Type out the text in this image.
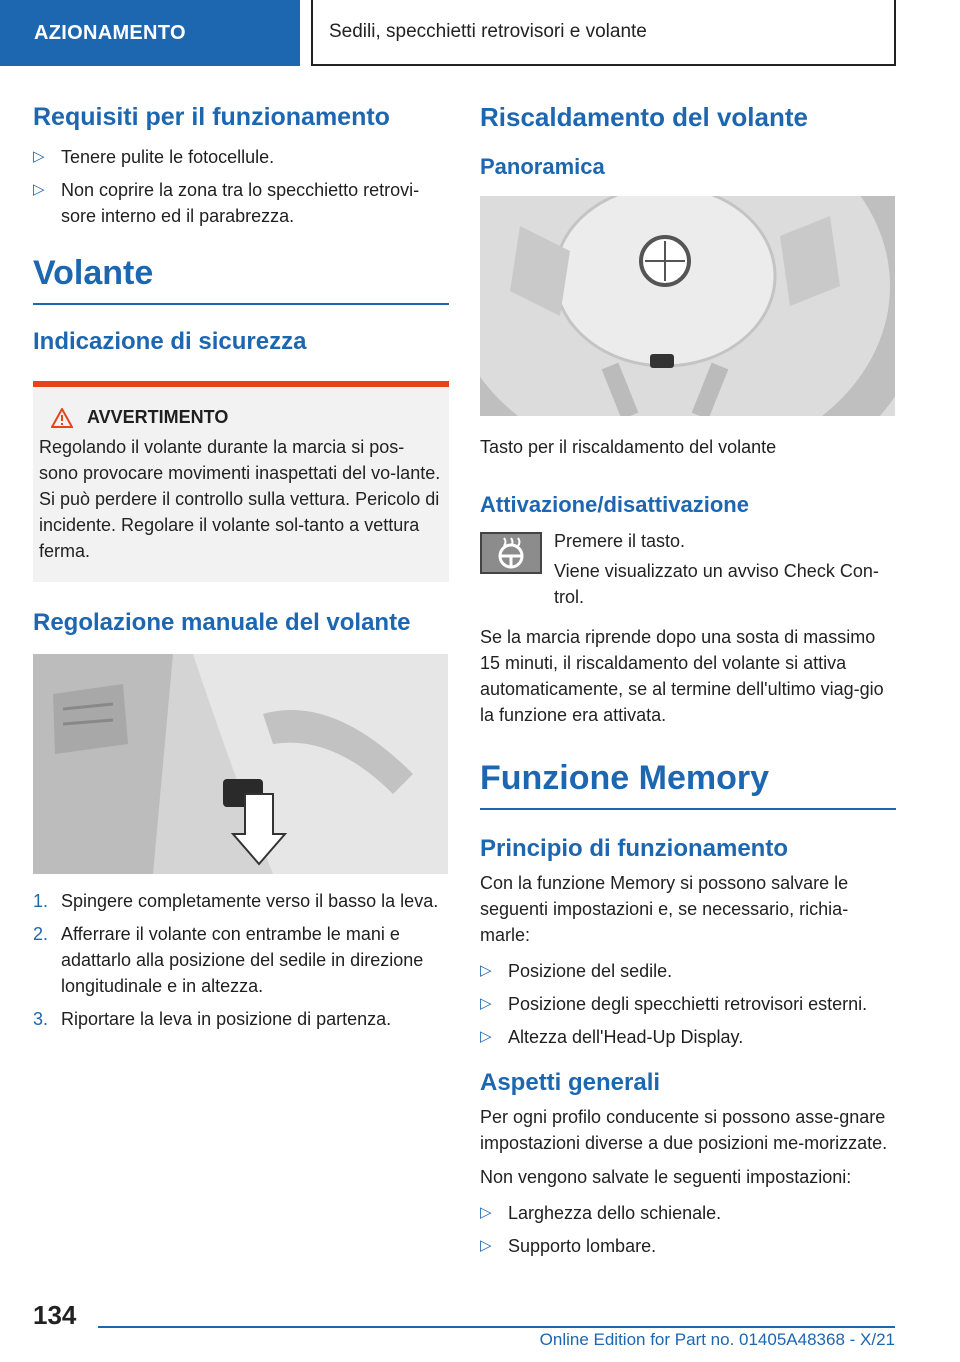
AZIONAMENTO	Sedili, specchietti retrovisori e volante
Requisiti per il funzionamento
▷ Tenere pulite le fotocellule.
▷ Non coprire la zona tra lo specchietto retrovi-sore interno ed il parabrezza.
Volante
Indicazione di sicurezza
AVVERTIMENTO

Regolando il volante durante la marcia si pos-sono provocare movimenti inaspettati del vo-lante. Si può perdere il controllo sulla vettura. Pericolo di incidente. Regolare il volante sol-tanto a vettura ferma.

Regolazione manuale del volante
1. Spingere completamente verso il basso la leva.
2. Afferrare il volante con entrambe le mani e adattarlo alla posizione del sedile in direzione longitudinale e in altezza.
3. Riportare la leva in posizione di partenza.
Riscaldamento del volante
Panoramica

Tasto per il riscaldamento del volante

Attivazione/disattivazione

Premere il tasto.

Viene visualizzato un avviso Check Con-trol.

Se la marcia riprende dopo una sosta di massimo 15 minuti, il riscaldamento del volante si attiva automaticamente, se al termine dell'ultimo viag-gio la funzione era attivata.

Funzione Memory
Principio di funzionamento

Con la funzione Memory si possono salvare le seguenti impostazioni e, se necessario, richia-marle:

▷ Posizione del sedile.
▷ Posizione degli specchietti retrovisori esterni.
▷ Altezza dell'Head-Up Display.
Aspetti generali

Per ogni profilo conducente si possono asse-gnare impostazioni diverse a due posizioni me-morizzate.

Non vengono salvate le seguenti impostazioni:

▷ Larghezza dello schienale.
▷ Supporto lombare.
134
Online Edition for Part no. 01405A48368 - X/21
